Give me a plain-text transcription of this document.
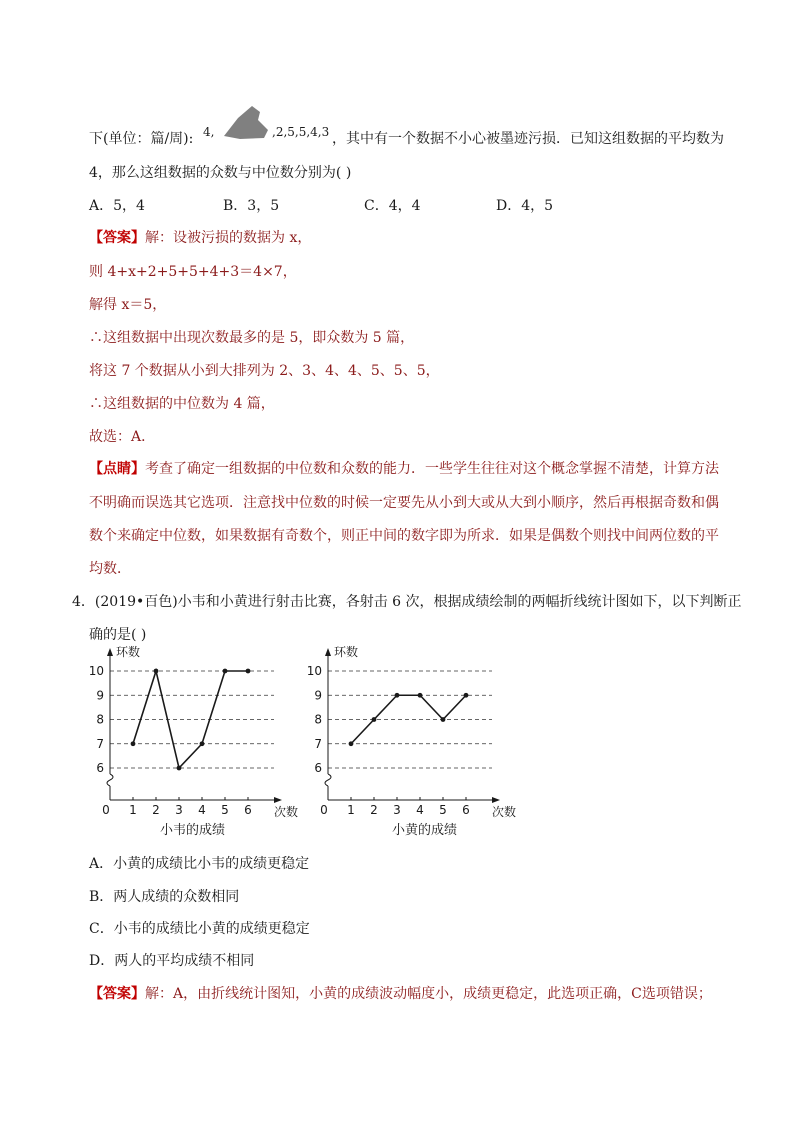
下(单位：篇/周): 4,	,2,5,5,4,3 ，其中有一个数据不小心被墨迹污损．已知这组数据的平均数为
4，那么这组数据的众数与中位数分别为( )
A．5，4	B．3，5	C．4，4	D．4，5
【答案】解：设被污损的数据为 x，
则 4+x+2+5+5+4+3＝4×7，
解得 x＝5，
∴这组数据中出现次数最多的是 5，即众数为 5 篇，
将这 7 个数据从小到大排列为 2、3、4、4、5、5、5，
∴这组数据的中位数为 4 篇，
故选：A．
【点睛】考查了确定一组数据的中位数和众数的能力．一些学生往往对这个概念掌握不清楚，计算方法
不明确而误选其它选项．注意找中位数的时候一定要先从小到大或从大到小顺序，然后再根据奇数和偶
数个来确定中位数，如果数据有奇数个，则正中间的数字即为所求．如果是偶数个则找中间两位数的平
均数．
4．(2019•百色)小韦和小黄进行射击比赛，各射击 6 次，根据成绩绘制的两幅折线统计图如下，以下判断正
确的是( )
6
7
8
9
10
环数
0 1 2 3 4 5 6 次数
小韦的成绩
6
7
8
9
10
环数
0 1 2 3 4 5 6 次数
小黄的成绩
A．小黄的成绩比小韦的成绩更稳定
B．两人成绩的众数相同
C．小韦的成绩比小黄的成绩更稳定
D．两人的平均成绩不相同
【答案】解：A，由折线统计图知，小黄的成绩波动幅度小，成绩更稳定，此选项正确，C选项错误；
